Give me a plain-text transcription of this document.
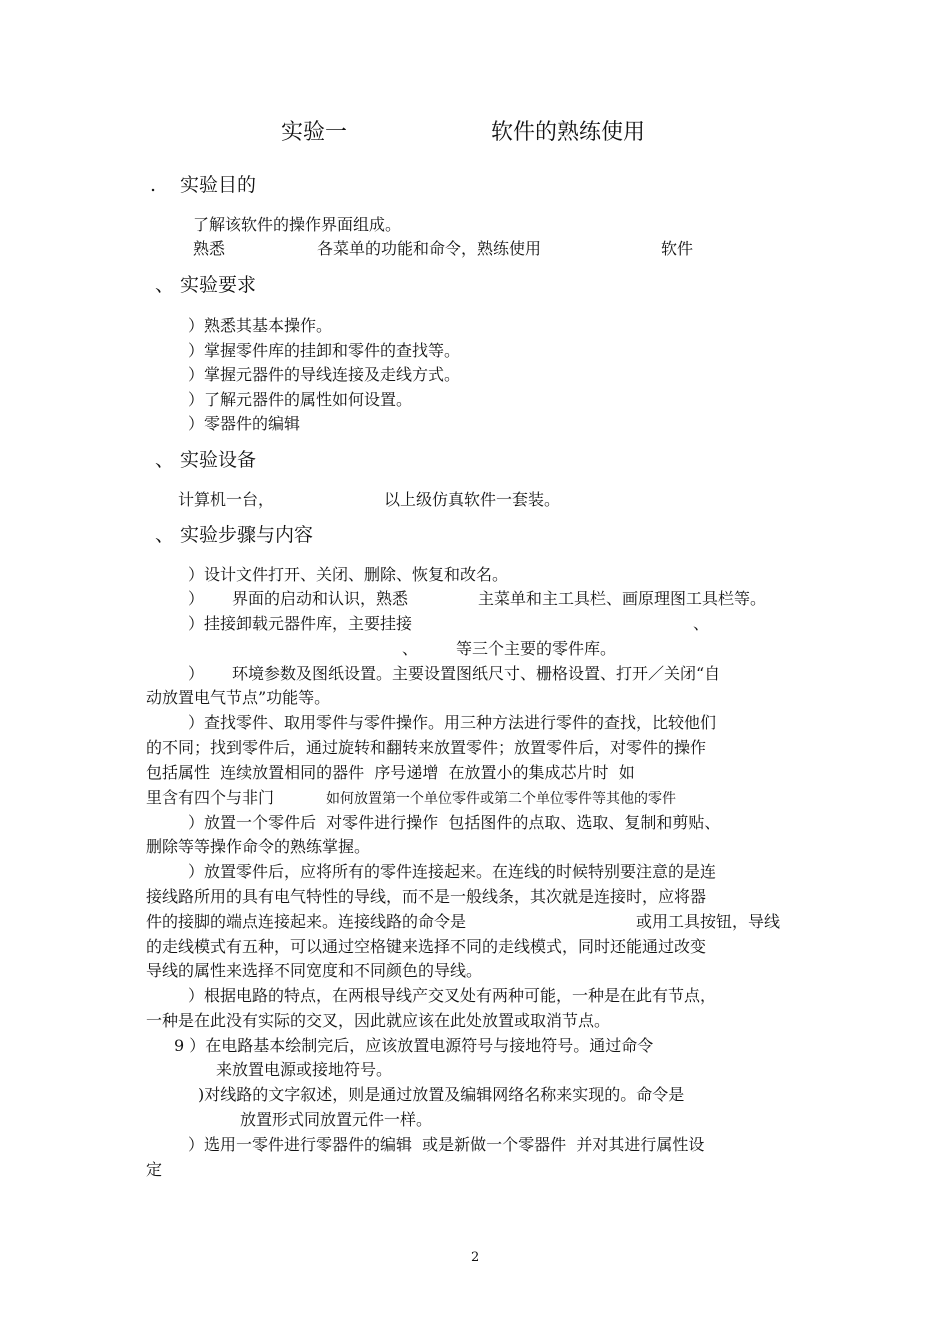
实验一	软件的熟练使用
. 实验目的
了解该软件的操作界面组成。
熟悉	各菜单的功能和命令，熟练使用	软件
、 实验要求
）熟悉其基本操作。
）掌握零件库的挂卸和零件的查找等。
）掌握元器件的导线连接及走线方式。
）了解元器件的属性如何设置。
）零器件的编辑
、 实验设备
计算机一台，	以上级仿真软件一套装。
、 实验步骤与内容
）设计文件打开、关闭、删除、恢复和改名。
） 界面的启动和认识，熟悉	主菜单和主工具栏、画原理图工具栏等。
）挂接卸载元器件库，主要挂接	、
、 等三个主要的零件库。
） 环境参数及图纸设置。主要设置图纸尺寸、栅格设置、打开／关闭“自
动放置电气节点”功能等。
）查找零件、取用零件与零件操作。用三种方法进行零件的查找，比较他们
的不同；找到零件后，通过旋转和翻转来放置零件；放置零件后，对零件的操作
包括属性  连续放置相同的器件  序号递增  在放置小的集成芯片时  如
里含有四个与非门	如何放置第一个单位零件或第二个单位零件等其他的零件
）放置一个零件后  对零件进行操作  包括图件的点取、选取、复制和剪贴、
删除等等操作命令的熟练掌握。
）放置零件后，应将所有的零件连接起来。在连线的时候特别要注意的是连
接线路所用的具有电气特性的导线，而不是一般线条，其次就是连接时，应将器
件的接脚的端点连接起来。连接线路的命令是	或用工具按钮，导线
的走线模式有五种，可以通过空格键来选择不同的走线模式，同时还能通过改变
导线的属性来选择不同宽度和不同颜色的导线。
）根据电路的特点，在两根导线产交叉处有两种可能，一种是在此有节点，
一种是在此没有实际的交叉，因此就应该在此处放置或取消节点。
9 ）在电路基本绘制完后，应该放置电源符号与接地符号。通过命令
来放置电源或接地符号。
)对线路的文字叙述，则是通过放置及编辑网络名称来实现的。命令是
放置形式同放置元件一样。
）选用一零件进行零器件的编辑  或是新做一个零器件  并对其进行属性设
定
2
